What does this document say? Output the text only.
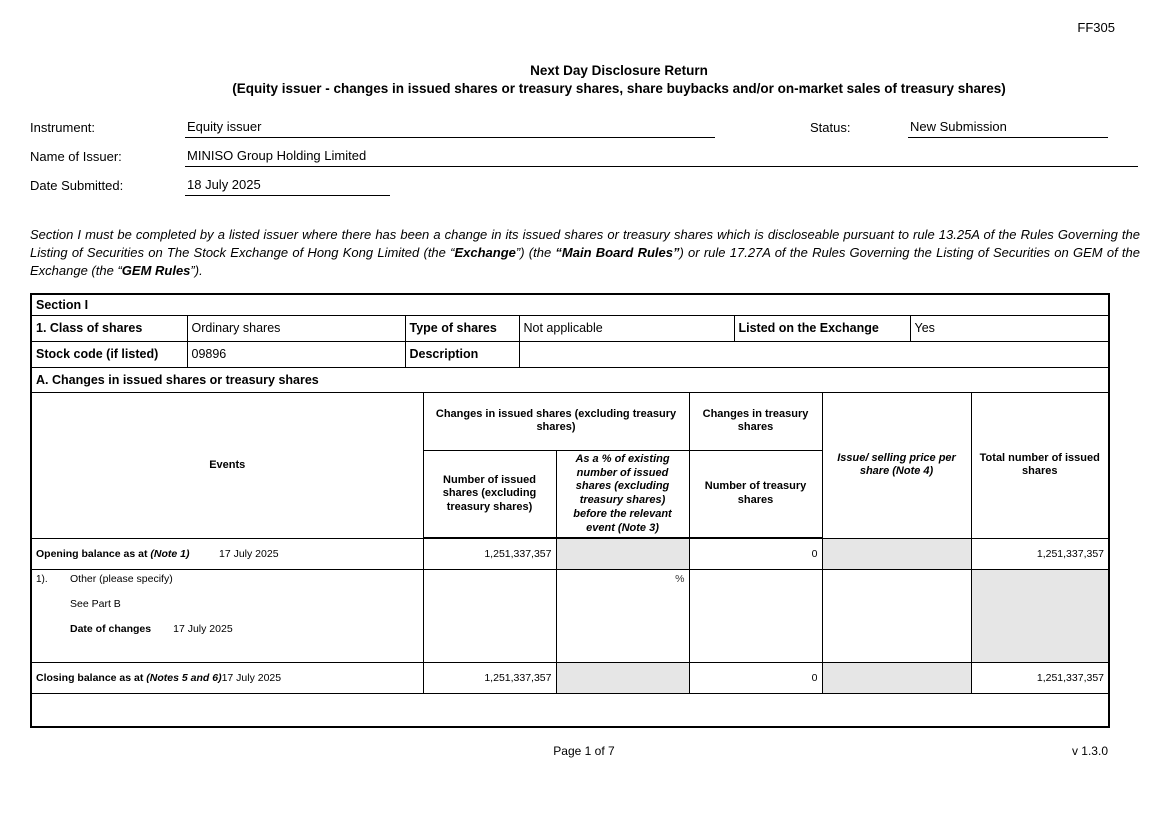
FF305
Next Day Disclosure Return
(Equity issuer - changes in issued shares or treasury shares, share buybacks and/or on-market sales of treasury shares)
Instrument:	Equity issuer	Status:	New Submission
Name of Issuer:	MINISO Group Holding Limited
Date Submitted:	18 July 2025
Section I must be completed by a listed issuer where there has been a change in its issued shares or treasury shares which is discloseable pursuant to rule 13.25A of the Rules Governing the Listing of Securities on The Stock Exchange of Hong Kong Limited (the “Exchange”) (the “Main Board Rules”) or rule 17.27A of the Rules Governing the Listing of Securities on GEM of the Exchange (the “GEM Rules”).
Section I
1. Class of shares	Ordinary shares	Type of shares	Not applicable	Listed on the Exchange	Yes
Stock code (if listed)	09896	Description			
A. Changes in issued shares or treasury shares
Events	Changes in issued shares (excluding treasury shares)		Changes in treasury shares	Issue/ selling price per share (Note 4)	Total number of issued shares
	Number of issued shares (excluding treasury shares)	As a % of existing number of issued shares (excluding treasury shares) before the relevant event (Note 3)	Number of treasury shares		
Opening balance as at (Note 1) 17 July 2025	1,251,337,357		0		1,251,337,357

1). Other (please specify)
See Part B
Date of changes 17 July 2025		%			
Closing balance as at (Notes 5 and 6)17 July 2025	1,251,337,357		0		1,251,337,357

Page 1 of 7	v 1.3.0
